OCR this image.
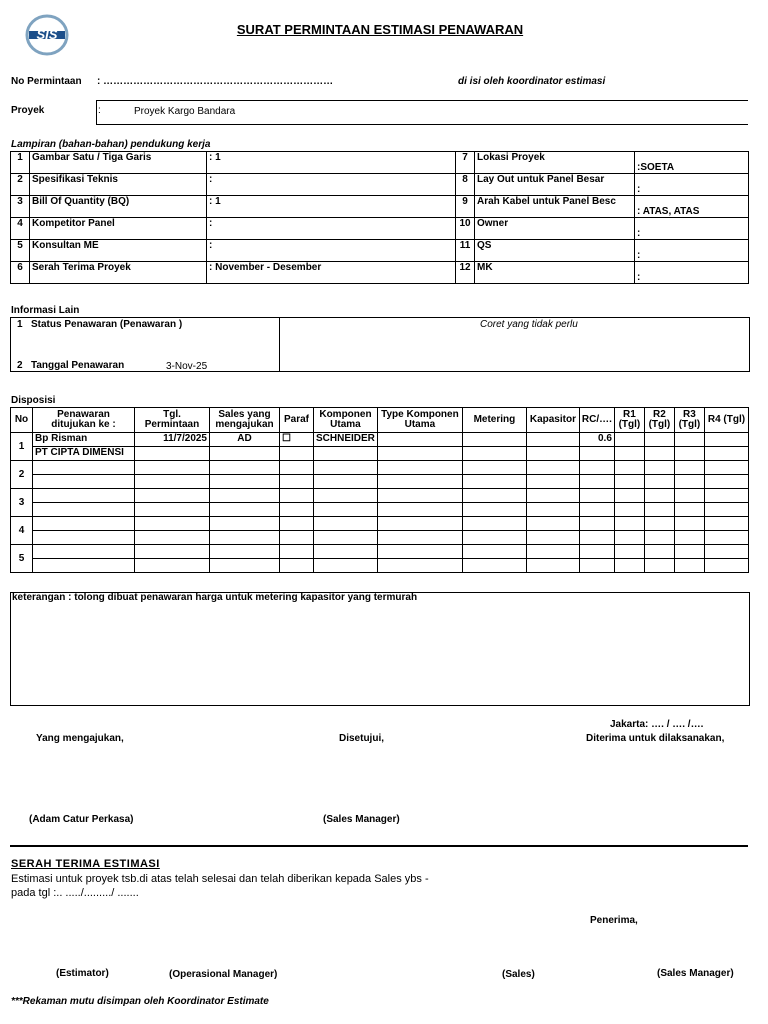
SIS	SURAT PERMINTAAN ESTIMASI PENAWARAN
No Permintaan : ……………………………………………………………	di isi oleh koordinator estimasi
Proyek	:	Proyek Kargo Bandara
Lampiran (bahan-bahan) pendukung kerja
1	Gambar Satu / Tiga Garis	: 1	7	Lokasi Proyek	:SOETA
2	Spesifikasi Teknis	:	8	Lay Out untuk Panel Besar	:
3	Bill Of Quantity (BQ)	: 1	9	Arah Kabel untuk Panel Besc	: ATAS, ATAS
4	Kompetitor Panel	:	10	Owner	:
5	Konsultan ME	:	11	QS	:
6	Serah Terima Proyek	: November - Desember	12	MK	:
Informasi Lain
1 Status Penawaran (Penawaran )	Coret yang tidak perlu
2 Tanggal Penawaran	3-Nov-25
Disposisi
No	Penawaran ditujukan ke :	Tgl. Permintaan	Sales yang mengajukan	Paraf	Komponen Utama	Type Komponen Utama	Metering	Kapasitor	RC/….	R1 (Tgl)	R2 (Tgl)	R3 (Tgl)	R4 (Tgl)
1	Bp Risman	11/7/2025	AD	☐	SCHNEIDER				0.6				
	PT CIPTA DIMENSI												
2													

3													

4													

5													

keterangan : tolong dibuat penawaran harga untuk metering kapasitor yang termurah
Jakarta: …. / …. /….
Yang mengajukan,	Disetujui,	Diterima untuk dilaksanakan,
(Adam Catur Perkasa)	(Sales Manager)
SERAH TERIMA ESTIMASI
Estimasi untuk proyek tsb.di atas telah selesai dan telah diberikan kepada Sales ybs -
pada tgl :.. ...../........./ .......
Penerima,
(Estimator)	(Operasional Manager)	(Sales)	(Sales Manager)
***Rekaman mutu disimpan oleh Koordinator Estimate
